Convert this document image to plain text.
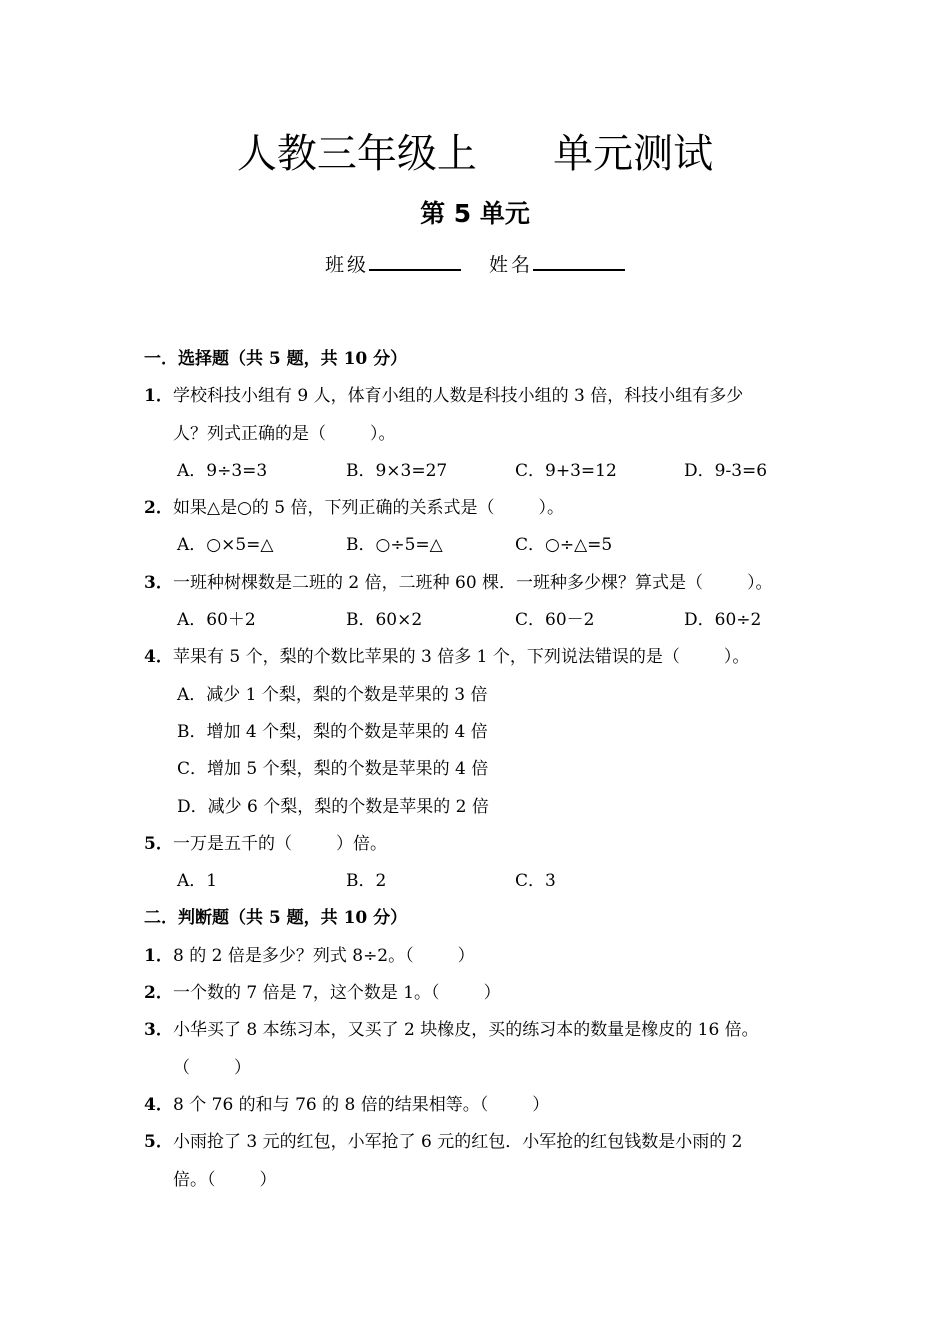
人教三年级上      单元测试
第 5 单元
班级	姓名
一．选择题（共 5 题，共 10 分）
1．学校科技小组有 9 人，体育小组的人数是科技小组的 3 倍，科技小组有多少
人？列式正确的是（	）。
A．9÷3=3	B．9×3=27	C．9+3=12	D．9-3=6
2．如果△是○的 5 倍，下列正确的关系式是（	）。
A．○×5=△	B．○÷5=△	C．○÷△=5
3．一班种树棵数是二班的 2 倍，二班种 60 棵．一班种多少棵？算式是（	）。
A．60＋2	B．60×2	C．60－2	D．60÷2
4．苹果有 5 个，梨的个数比苹果的 3 倍多 1 个，下列说法错误的是（	）。
A．减少 1 个梨，梨的个数是苹果的 3 倍
B．增加 4 个梨，梨的个数是苹果的 4 倍
C．增加 5 个梨，梨的个数是苹果的 4 倍
D．减少 6 个梨，梨的个数是苹果的 2 倍
5．一万是五千的（	）倍。
A．1	B．2	C．3
二．判断题（共 5 题，共 10 分）
1．8 的 2 倍是多少？列式 8÷2。（	）
2．一个数的 7 倍是 7，这个数是 1。（	）
3．小华买了 8 本练习本，又买了 2 块橡皮，买的练习本的数量是橡皮的 16 倍。
（	）
4．8 个 76 的和与 76 的 8 倍的结果相等。（	）
5．小雨抢了 3 元的红包，小军抢了 6 元的红包．小军抢的红包钱数是小雨的 2
倍。（	）
